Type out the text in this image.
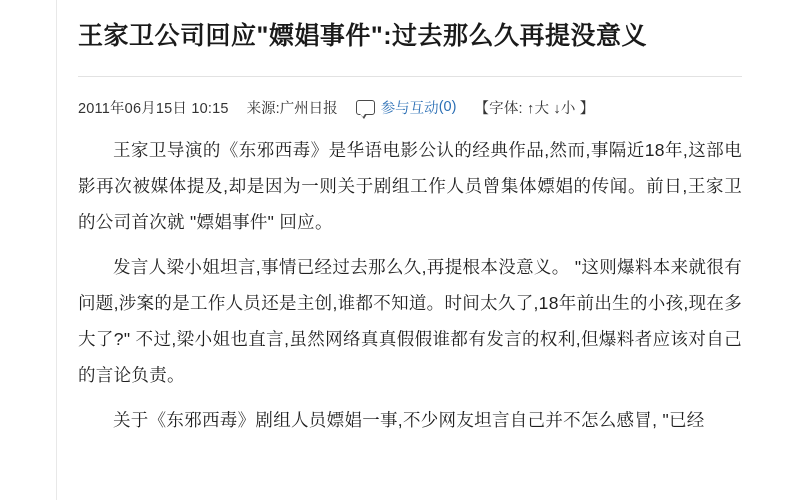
王家卫公司回应"嫖娼事件":过去那么久再提没意义
2011年06月15日 10:15 来源: 广州日报	参与互动 (0) 【字体: ↑大 ↓小 】

王家卫导演的《东邪西毒》是华语电影公认的经典作品,然而,事隔近18年,这部电影再次被媒体提及,却是因为一则关于剧组工作人员曾集体嫖娼的传闻。前日,王家卫的公司首次就 "嫖娼事件" 回应。

发言人梁小姐坦言,事情已经过去那么久,再提根本没意义。 "这则爆料本来就很有问题,涉案的是工作人员还是主创,谁都不知道。时间太久了,18年前出生的小孩,现在多大了?" 不过,梁小姐也直言,虽然网络真真假假谁都有发言的权利,但爆料者应该对自己的言论负责。

关于《东邪西毒》剧组人员嫖娼一事,不少网友坦言自己并不怎么感冒, "已经
